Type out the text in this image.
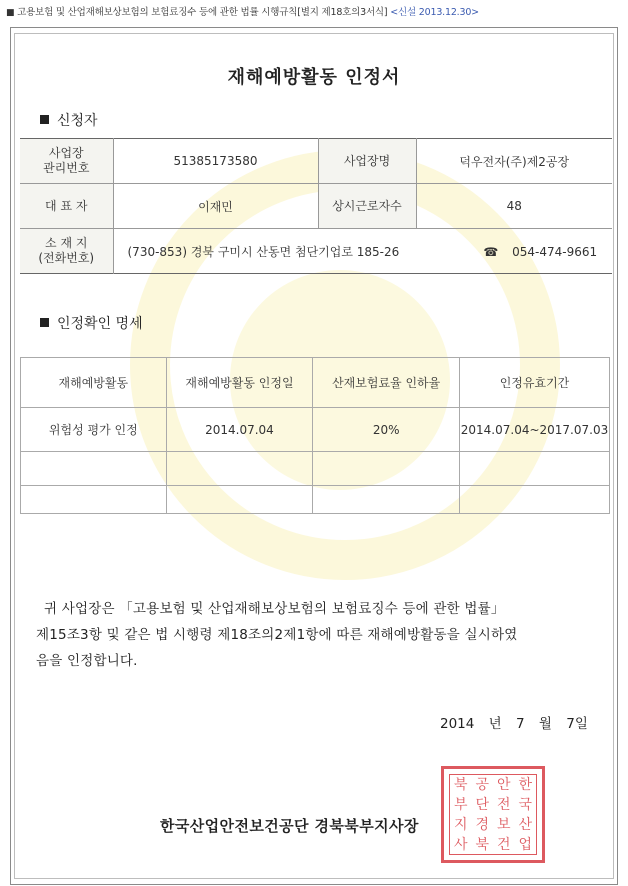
■ 고용보험 및 산업재해보상보험의 보험료징수 등에 관한 법률 시행규칙[별지 제18호의3서식] <신설 2013.12.30>
재해예방활동 인정서
신청자
사업장
관리번호	51385173580	사업장명	덕우전자(주)제2공장
대 표 자	이재민	상시근로자수	48
소 재 지
(전화번호)	(730-853) 경북 구미시 산동면 첨단기업로 185-26 ☎ 054-474-9661		
인정확인 명세
재해예방활동	재해예방활동 인정일	산재보험료율 인하율	인정유효기간
위험성 평가 인정	2014.07.04	20%	2014.07.04~2017.07.03

귀 사업장은 「고용보험 및 산업재해보상보험의 보험료징수 등에 관한 법률」
제15조3항 및 같은 법 시행령 제18조의2제1항에 따른 재해예방활동을 실시하였
음을 인정합니다.
2014 년 7 월 7일
북 공 안 한
부 단 전 국
지 경 보 산
사 북 건 업
한국산업안전보건공단 경북북부지사장
